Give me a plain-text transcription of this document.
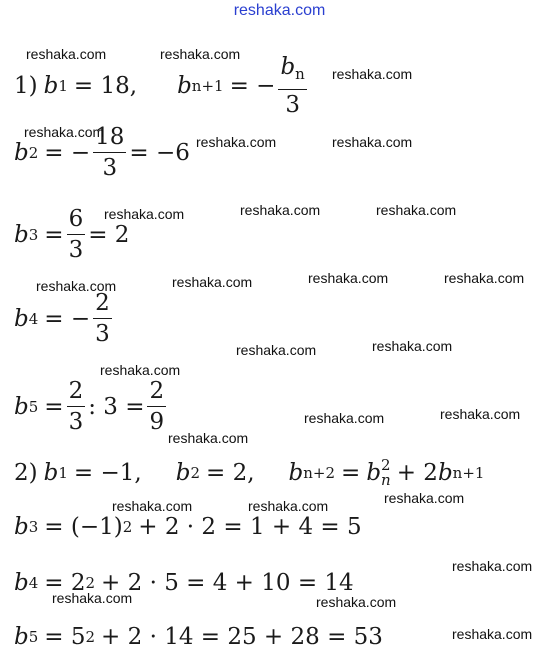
reshaka.com
1) b 1 = 18, b n+1 = − $\frac{b_n}{3}$
b 2 = − $\frac{18}{3} = -6$
b $3 = \frac{6}{3} = 2$
b 4 = − $\frac{2}{3}$
b $5 = \frac{2}{3}$ : $3 = \frac{2}{9}$
2) b 1 = −1, b 2 = 2, b n+2 = b 2
n + 2 b n+1
b 3 = (−1) 2 + 2 · 2 = 1 + 4 = 5
b 4 = 2 2 + 2 · 5 = 4 + 10 = 14
b 5 = 5 2 + 2 · 14 = 25 + 28 = 53
reshaka.com	reshaka.com
reshaka.com
reshaka.com
reshaka.com	reshaka.com
reshaka.com	reshaka.com	reshaka.com
reshaka.com	reshaka.com	reshaka.com	reshaka.com
reshaka.com	reshaka.com
reshaka.com
reshaka.com	reshaka.com
reshaka.com
reshaka.com
reshaka.com	reshaka.com
reshaka.com
reshaka.com	reshaka.com
reshaka.com
